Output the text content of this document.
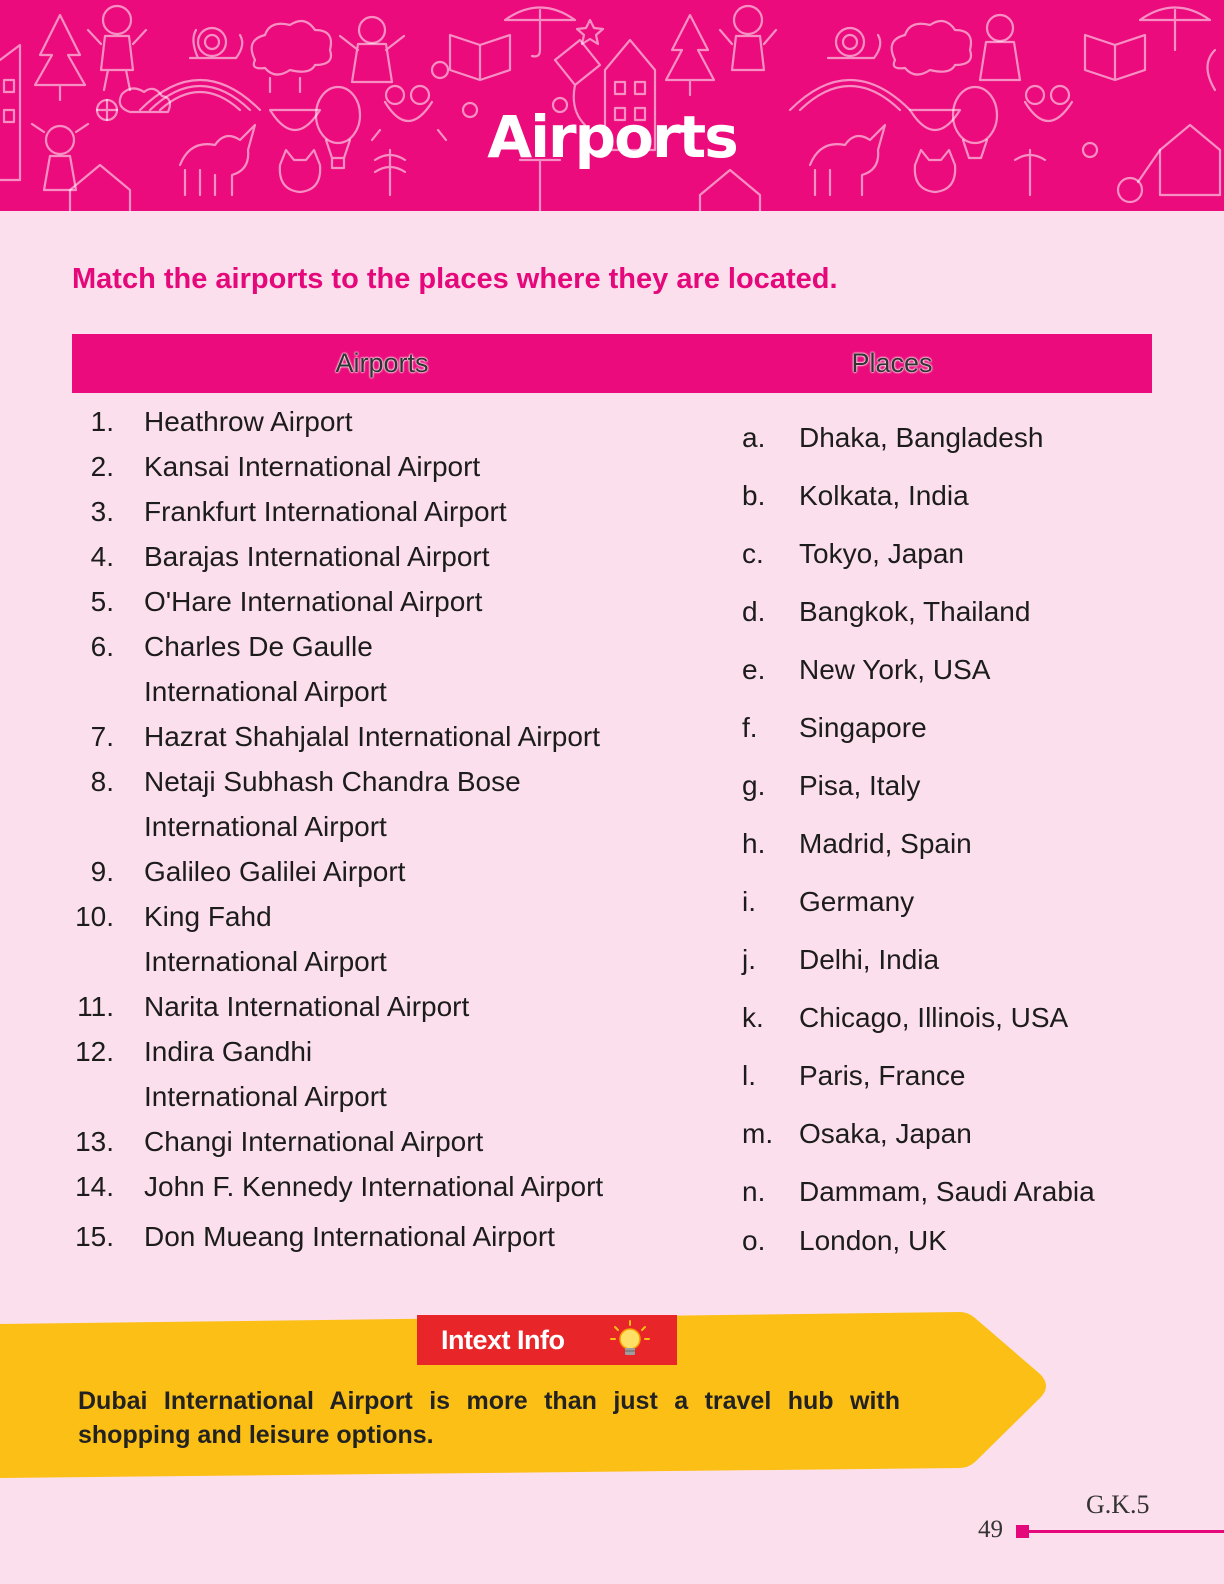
Airports
Match the airports to the places where they are located.
Airports	Places
1. Heathrow Airport
2. Kansai International Airport
3. Frankfurt International Airport
4. Barajas International Airport
5. O'Hare International Airport
6. Charles De Gaulle
International Airport
7. Hazrat Shahjalal International Airport
8. Netaji Subhash Chandra Bose
International Airport
9. Galileo Galilei Airport
10. King Fahd
International Airport
11. Narita International Airport
12. Indira Gandhi
International Airport
13. Changi International Airport
14. John F. Kennedy International Airport
15. Don Mueang International Airport
a. Dhaka, Bangladesh
b. Kolkata, India
c. Tokyo, Japan
d. Bangkok, Thailand
e. New York, USA
f. Singapore
g. Pisa, Italy
h. Madrid, Spain
i. Germany
j. Delhi, India
k. Chicago, Illinois, USA
l. Paris, France
m. Osaka, Japan
n. Dammam, Saudi Arabia
o. London, UK
Intext Info
Dubai International Airport is more than just a travel hub with shopping and leisure options.
G.K.5
49
